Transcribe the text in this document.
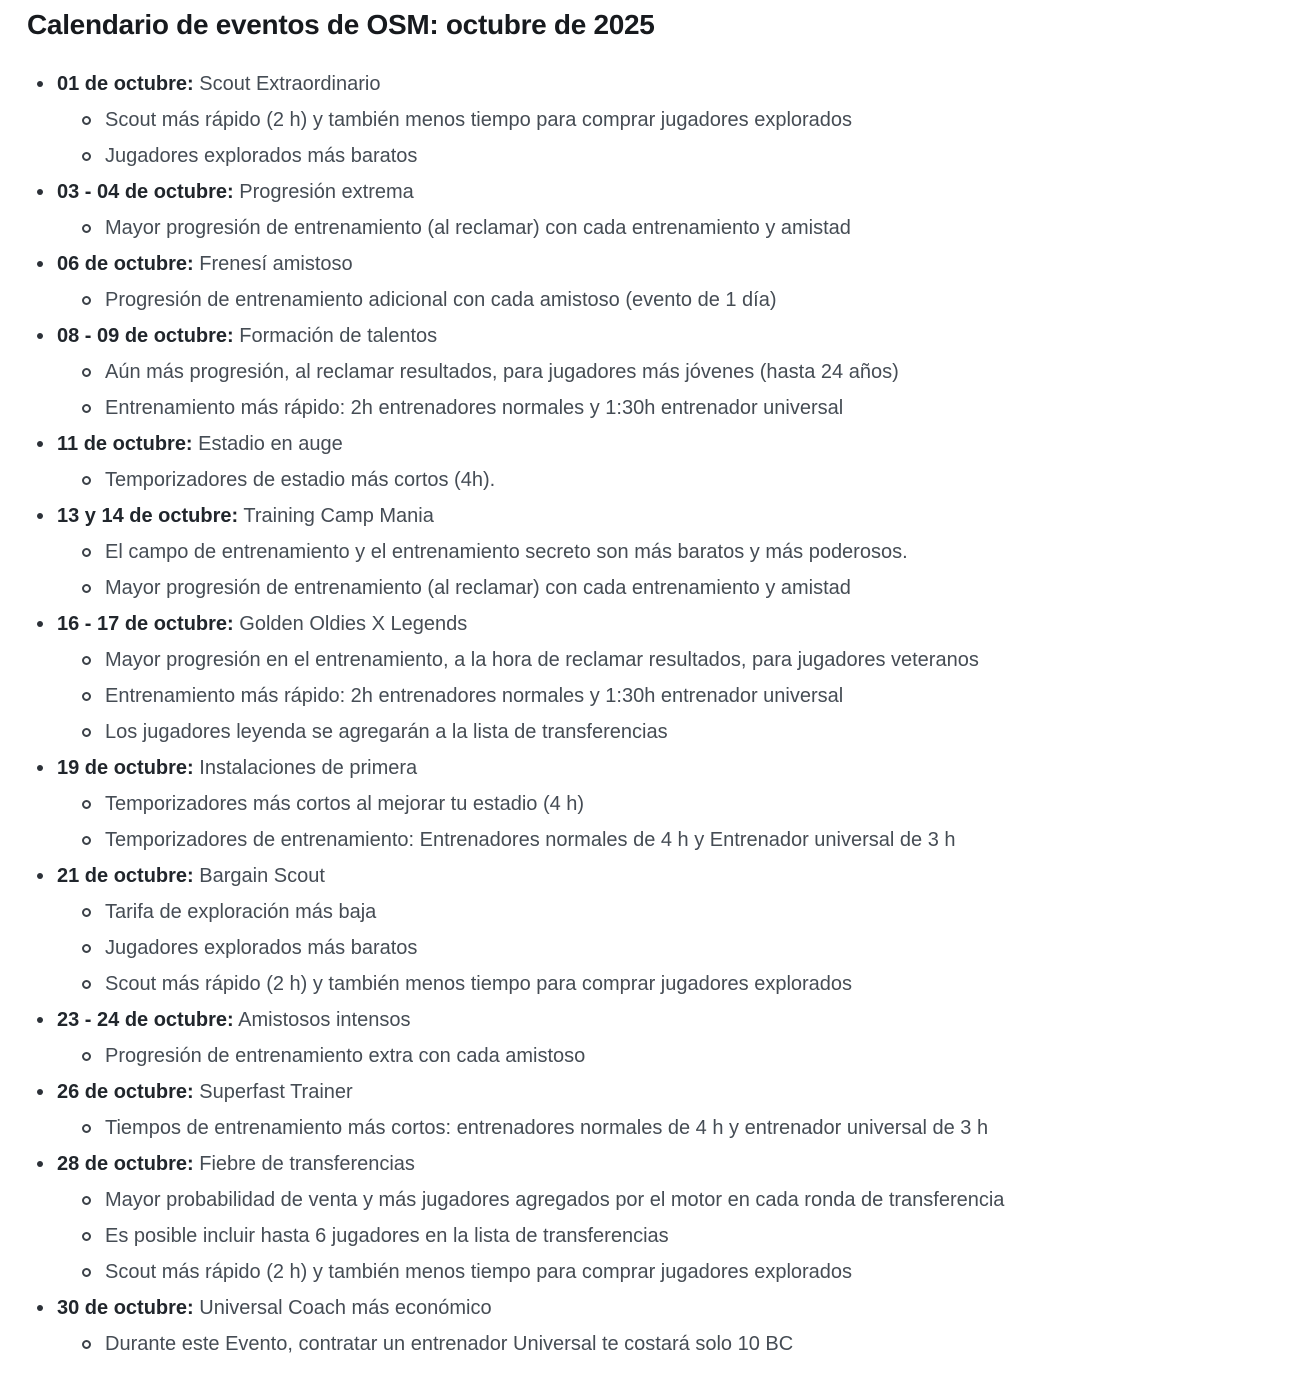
Calendario de eventos de OSM: octubre de 2025
01 de octubre: Scout Extraordinario
Scout más rápido (2 h) y también menos tiempo para comprar jugadores explorados
Jugadores explorados más baratos
03 - 04 de octubre: Progresión extrema
Mayor progresión de entrenamiento (al reclamar) con cada entrenamiento y amistad
06 de octubre: Frenesí amistoso
Progresión de entrenamiento adicional con cada amistoso (evento de 1 día)
08 - 09 de octubre: Formación de talentos
Aún más progresión, al reclamar resultados, para jugadores más jóvenes (hasta 24 años)
Entrenamiento más rápido: 2h entrenadores normales y 1:30h entrenador universal
11 de octubre: Estadio en auge
Temporizadores de estadio más cortos (4h).
13 y 14 de octubre: Training Camp Mania
El campo de entrenamiento y el entrenamiento secreto son más baratos y más poderosos.
Mayor progresión de entrenamiento (al reclamar) con cada entrenamiento y amistad
16 - 17 de octubre: Golden Oldies X Legends
Mayor progresión en el entrenamiento, a la hora de reclamar resultados, para jugadores veteranos
Entrenamiento más rápido: 2h entrenadores normales y 1:30h entrenador universal
Los jugadores leyenda se agregarán a la lista de transferencias
19 de octubre: Instalaciones de primera
Temporizadores más cortos al mejorar tu estadio (4 h)
Temporizadores de entrenamiento: Entrenadores normales de 4 h y Entrenador universal de 3 h
21 de octubre: Bargain Scout
Tarifa de exploración más baja
Jugadores explorados más baratos
Scout más rápido (2 h) y también menos tiempo para comprar jugadores explorados
23 - 24 de octubre: Amistosos intensos
Progresión de entrenamiento extra con cada amistoso
26 de octubre: Superfast Trainer
Tiempos de entrenamiento más cortos: entrenadores normales de 4 h y entrenador universal de 3 h
28 de octubre: Fiebre de transferencias
Mayor probabilidad de venta y más jugadores agregados por el motor en cada ronda de transferencia
Es posible incluir hasta 6 jugadores en la lista de transferencias
Scout más rápido (2 h) y también menos tiempo para comprar jugadores explorados
30 de octubre: Universal Coach más económico
Durante este Evento, contratar un entrenador Universal te costará solo 10 BC
